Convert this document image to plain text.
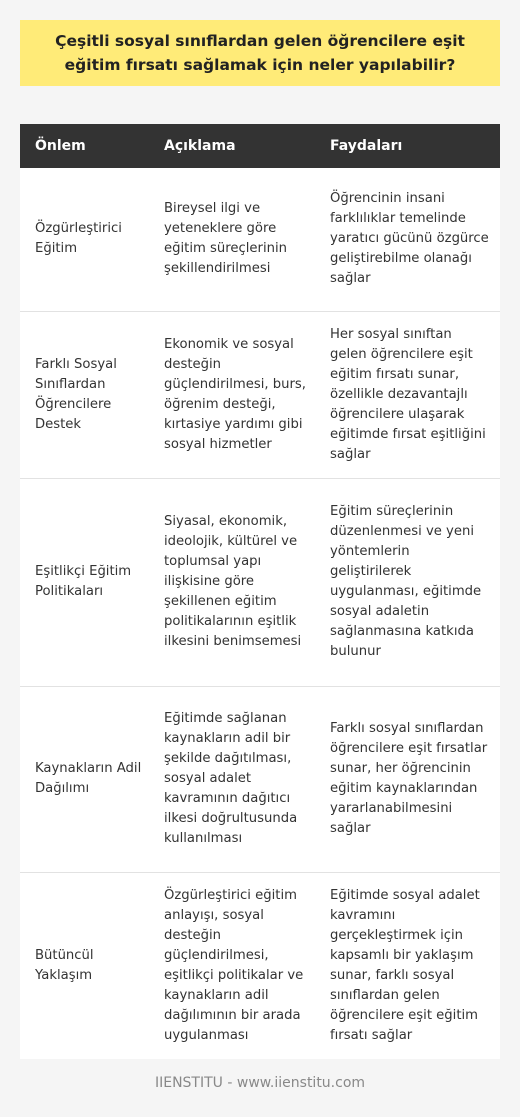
Çeşitli sosyal sınıflardan gelen öğrencilere eşit eğitim fırsatı sağlamak için neler yapılabilir?
Önlem	Açıklama	Faydaları
Özgürleştirici Eğitim	Bireysel ilgi ve yeteneklere göre eğitim süreçlerinin şekillendirilmesi	Öğrencinin insani farklılıklar temelinde yaratıcı gücünü özgürce geliştirebilme olanağı sağlar
Farklı Sosyal Sınıflardan Öğrencilere Destek	Ekonomik ve sosyal desteğin güçlendirilmesi, burs, öğrenim desteği, kırtasiye yardımı gibi sosyal hizmetler	Her sosyal sınıftan gelen öğrencilere eşit eğitim fırsatı sunar, özellikle dezavantajlı öğrencilere ulaşarak eğitimde fırsat eşitliğini sağlar
Eşitlikçi Eğitim Politikaları	Siyasal, ekonomik, ideolojik, kültürel ve toplumsal yapı ilişkisine göre şekillenen eğitim politikalarının eşitlik ilkesini benimsemesi	Eğitim süreçlerinin düzenlenmesi ve yeni yöntemlerin geliştirilerek uygulanması, eğitimde sosyal adaletin sağlanmasına katkıda bulunur
Kaynakların Adil Dağılımı	Eğitimde sağlanan kaynakların adil bir şekilde dağıtılması, sosyal adalet kavramının dağıtıcı ilkesi doğrultusunda kullanılması	Farklı sosyal sınıflardan öğrencilere eşit fırsatlar sunar, her öğrencinin eğitim kaynaklarından yararlanabilmesini sağlar
Bütüncül Yaklaşım	Özgürleştirici eğitim anlayışı, sosyal desteğin güçlendirilmesi, eşitlikçi politikalar ve kaynakların adil dağılımının bir arada uygulanması	Eğitimde sosyal adalet kavramını gerçekleştirmek için kapsamlı bir yaklaşım sunar, farklı sosyal sınıflardan gelen öğrencilere eşit eğitim fırsatı sağlar
IIENSTITU - www.iienstitu.com
